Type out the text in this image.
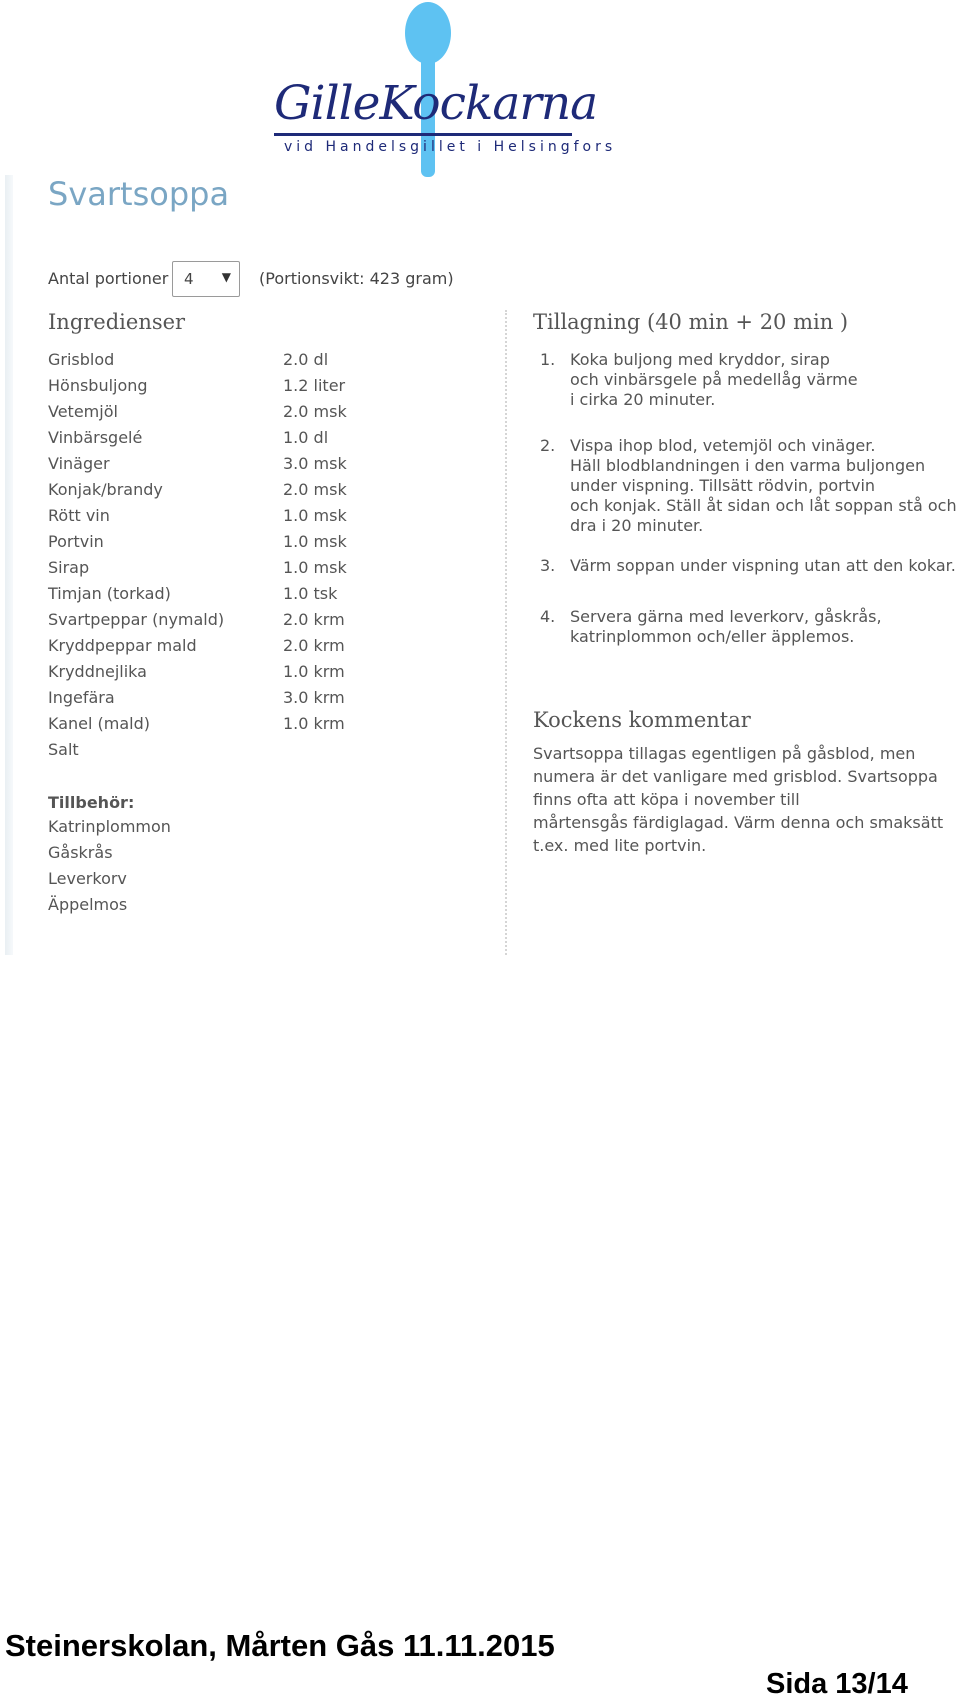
GilleKockarna
vid Handelsgillet i Helsingfors
Svartsoppa
Antal portioner 4 ▼ (Portionsvikt: 423 gram)
Ingredienser
Grisblod	2.0 dl
Hönsbuljong	1.2 liter
Vetemjöl	2.0 msk
Vinbärsgelé	1.0 dl
Vinäger	3.0 msk
Konjak/brandy	2.0 msk
Rött vin	1.0 msk
Portvin	1.0 msk
Sirap	1.0 msk
Timjan (torkad)	1.0 tsk
Svartpeppar (nymald)	2.0 krm
Kryddpeppar mald	2.0 krm
Kryddnejlika	1.0 krm
Ingefära	3.0 krm
Kanel (mald)	1.0 krm
Salt
Tillbehör:
Katrinplommon
Gåskrås
Leverkorv
Äppelmos
Tillagning (40 min + 20 min )
1. Koka buljong med kryddor, sirap
och vinbärsgele på medellåg värme
i cirka 20 minuter.
2. Vispa ihop blod, vetemjöl och vinäger.
Häll blodblandningen i den varma buljongen
under vispning. Tillsätt rödvin, portvin
och konjak. Ställ åt sidan och låt soppan stå och
dra i 20 minuter.
3. Värm soppan under vispning utan att den kokar.
4. Servera gärna med leverkorv, gåskrås,
katrinplommon och/eller äpplemos.
Kockens kommentar
Svartsoppa tillagas egentligen på gåsblod, men
numera är det vanligare med grisblod. Svartsoppa
finns ofta att köpa i november till
mårtensgås färdiglagad. Värm denna och smaksätt
t.ex. med lite portvin.
Steinerskolan, Mårten Gås 11.11.2015
Sida 13/14
